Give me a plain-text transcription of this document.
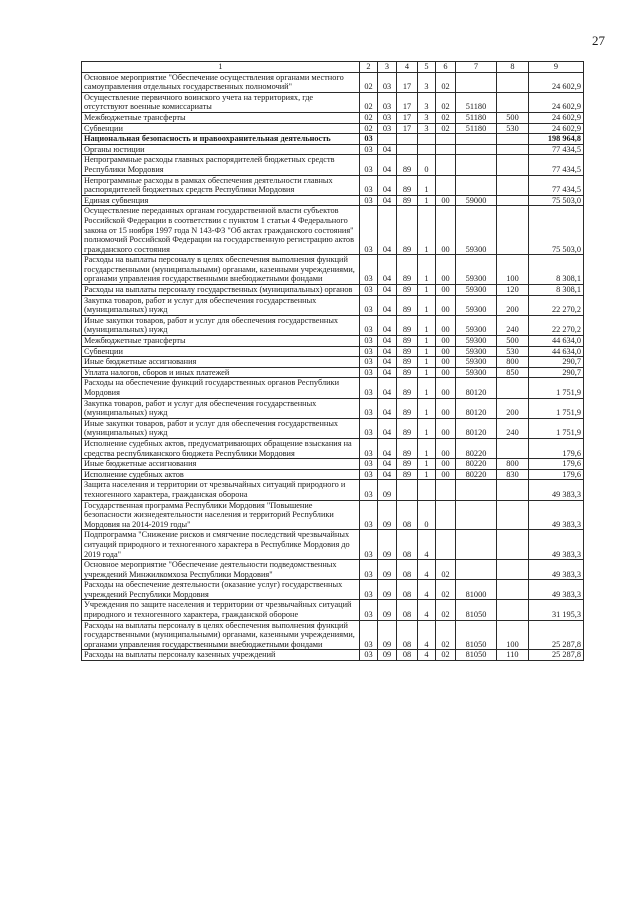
27
1	2	3	4	5	6	7	8	9
Основное мероприятие "Обеспечение осуществления органами местного самоуправления отдельных государственных полномочий"	02	03	17	3	02			24 602,9
Осуществление первичного воинского учета на территориях, где отсутствуют военные комиссариаты	02	03	17	3	02	51180		24 602,9
Межбюджетные трансферты	02	03	17	3	02	51180	500	24 602,9
Субвенции	02	03	17	3	02	51180	530	24 602,9
Национальная безопасность и правоохранительная деятельность	03							198 964,8
Органы юстиции	03	04						77 434,5
Непрограммные расходы главных распорядителей бюджетных средств Республики Мордовия	03	04	89	0				77 434,5
Непрограммные расходы в рамках обеспечения деятельности главных распорядителей бюджетных средств Республики Мордовия	03	04	89	1				77 434,5
Единая субвенция	03	04	89	1	00	59000		75 503,0
Осуществление переданных органам государственной власти субъектов Российской Федерации в соответствии с пунктом 1 статьи 4 Федерального закона от 15 ноября 1997 года N 143-ФЗ "Об актах гражданского состояния" полномочий Российской Федерации на государственную регистрацию актов гражданского состояния	03	04	89	1	00	59300		75 503,0
Расходы на выплаты персоналу в целях обеспечения выполнения функций государственными (муниципальными) органами, казенными учреждениями, органами управления государственными внебюджетными фондами	03	04	89	1	00	59300	100	8 308,1
Расходы на выплаты персоналу государственных (муниципальных) органов	03	04	89	1	00	59300	120	8 308,1
Закупка товаров, работ и услуг для обеспечения государственных (муниципальных) нужд	03	04	89	1	00	59300	200	22 270,2
Иные закупки товаров, работ и услуг для обеспечения государственных (муниципальных) нужд	03	04	89	1	00	59300	240	22 270,2
Межбюджетные трансферты	03	04	89	1	00	59300	500	44 634,0
Субвенции	03	04	89	1	00	59300	530	44 634,0
Иные бюджетные ассигнования	03	04	89	1	00	59300	800	290,7
Уплата налогов, сборов и иных платежей	03	04	89	1	00	59300	850	290,7
Расходы на обеспечение функций государственных органов Республики Мордовия	03	04	89	1	00	80120		1 751,9
Закупка товаров, работ и услуг для обеспечения государственных (муниципальных) нужд	03	04	89	1	00	80120	200	1 751,9
Иные закупки товаров, работ и услуг для обеспечения государственных (муниципальных) нужд	03	04	89	1	00	80120	240	1 751,9
Исполнение судебных актов, предусматривающих обращение взыскания на средства республиканского бюджета Республики Мордовия	03	04	89	1	00	80220		179,6
Иные бюджетные ассигнования	03	04	89	1	00	80220	800	179,6
Исполнение судебных актов	03	04	89	1	00	80220	830	179,6
Защита населения и территории от чрезвычайных ситуаций природного и техногенного характера, гражданская оборона	03	09						49 383,3
Государственная программа Республики Мордовия "Повышение безопасности жизнедеятельности населения и территорий Республики Мордовия на 2014-2019 годы"	03	09	08	0				49 383,3
Подпрограмма "Снижение рисков и смягчение последствий чрезвычайных ситуаций природного и техногенного характера в Республике Мордовия до 2019 года"	03	09	08	4				49 383,3
Основное мероприятие "Обеспечение деятельности подведомственных учреждений Минжилкомхоза Республики Мордовия"	03	09	08	4	02			49 383,3
Расходы на обеспечение деятельности (оказание услуг) государственных учреждений Республики Мордовия	03	09	08	4	02	81000		49 383,3
Учреждения по защите населения и территории от чрезвычайных ситуаций природного и техногенного характера, гражданской обороне	03	09	08	4	02	81050		31 195,3
Расходы на выплаты персоналу в целях обеспечения выполнения функций государственными (муниципальными) органами, казенными учреждениями, органами управления государственными внебюджетными фондами	03	09	08	4	02	81050	100	25 287,8
Расходы на выплаты персоналу казенных учреждений	03	09	08	4	02	81050	110	25 287,8
